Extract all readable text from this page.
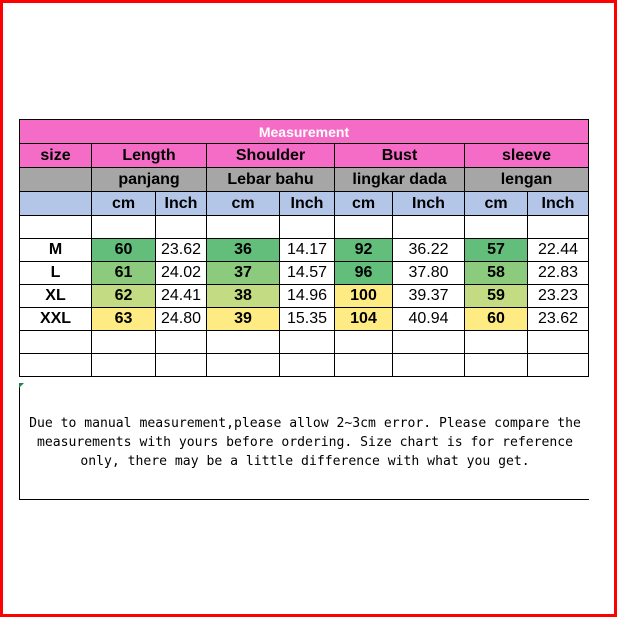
Measurement								
size	Length		Shoulder		Bust		sleeve	
	panjang		Lebar bahu		lingkar dada		lengan	
	cm	Inch	cm	Inch	cm	Inch	cm	Inch

M	60	23.62	36	14.17	92	36.22	57	22.44
L	61	24.02	37	14.57	96	37.80	58	22.83
XL	62	24.41	38	14.96	100	39.37	59	23.23
XXL	63	24.80	39	15.35	104	40.94	60	23.62

Due to manual measurement,please allow 2~3cm error. Please compare the
measurements with yours before ordering. Size chart is for reference
only, there may be a little difference with what you get.
